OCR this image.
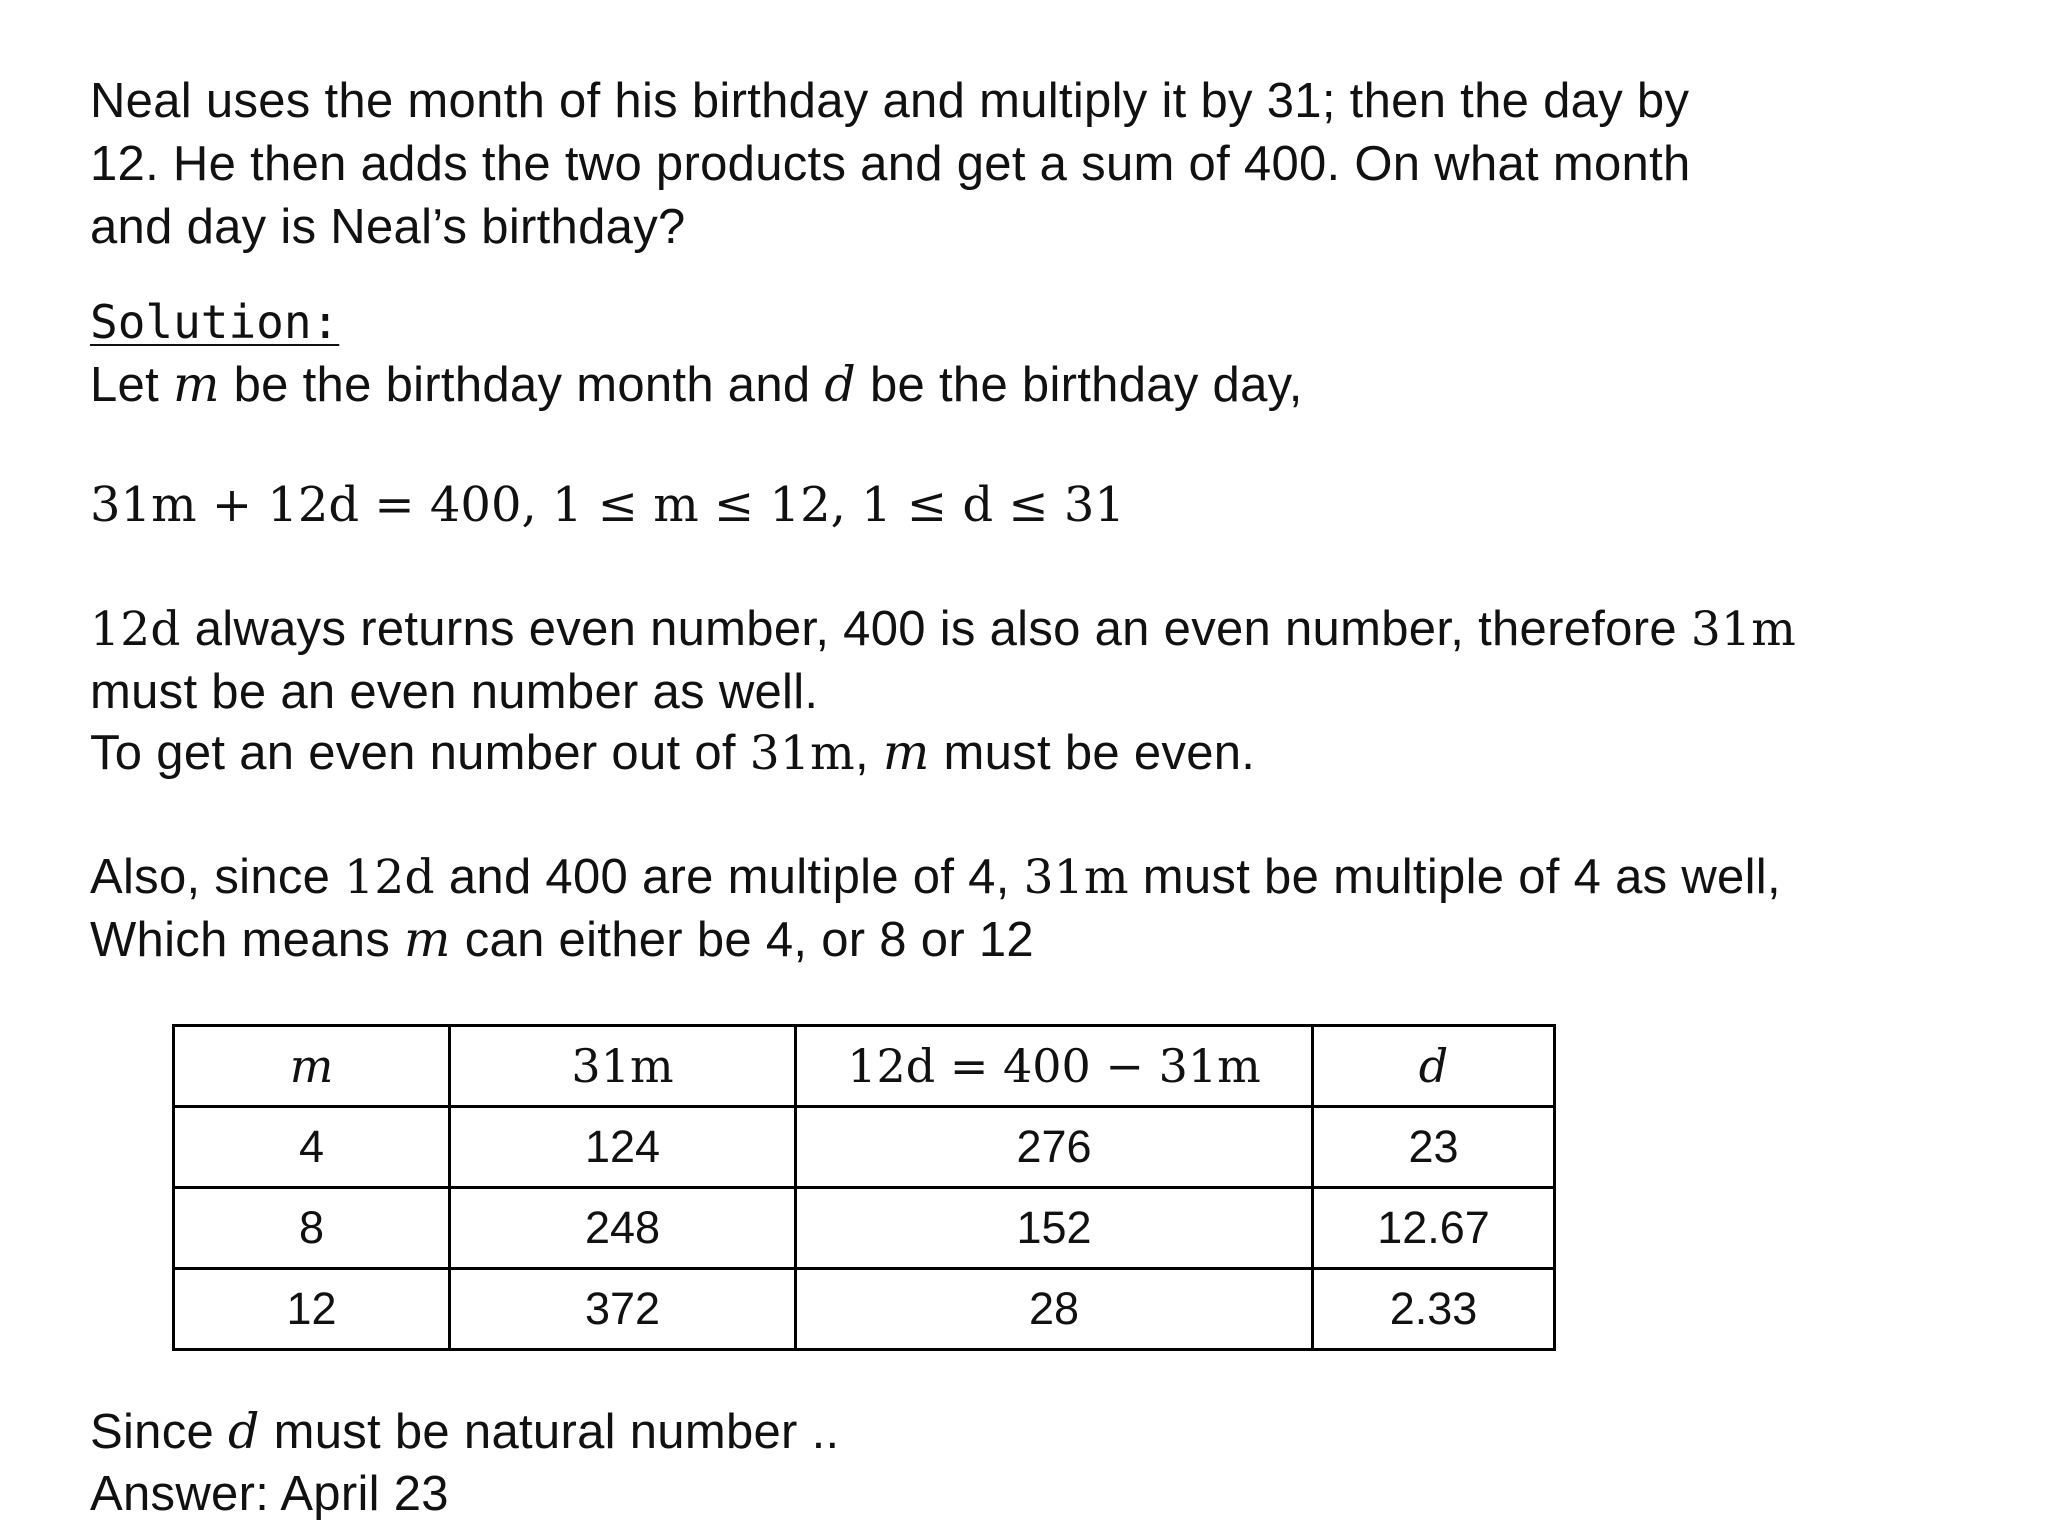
Neal uses the month of his birthday and multiply it by 31; then the day by
12. He then adds the two products and get a sum of 400. On what month
and day is Neal’s birthday?
Solution:
Let m be the birthday month and d be the birthday day,
31m + 12d = 400, 1 ≤ m ≤ 12, 1 ≤ d ≤ 31
12d always returns even number, 400 is also an even number, therefore 31m
must be an even number as well.
To get an even number out of 31m, m must be even.
Also, since 12d and 400 are multiple of 4, 31m must be multiple of 4 as well,
Which means m can either be 4, or 8 or 12
m	31m	12d = 400 − 31m	d
4	124	276	23
8	248	152	12.67
12	372	28	2.33
Since d must be natural number ..
Answer: April 23
